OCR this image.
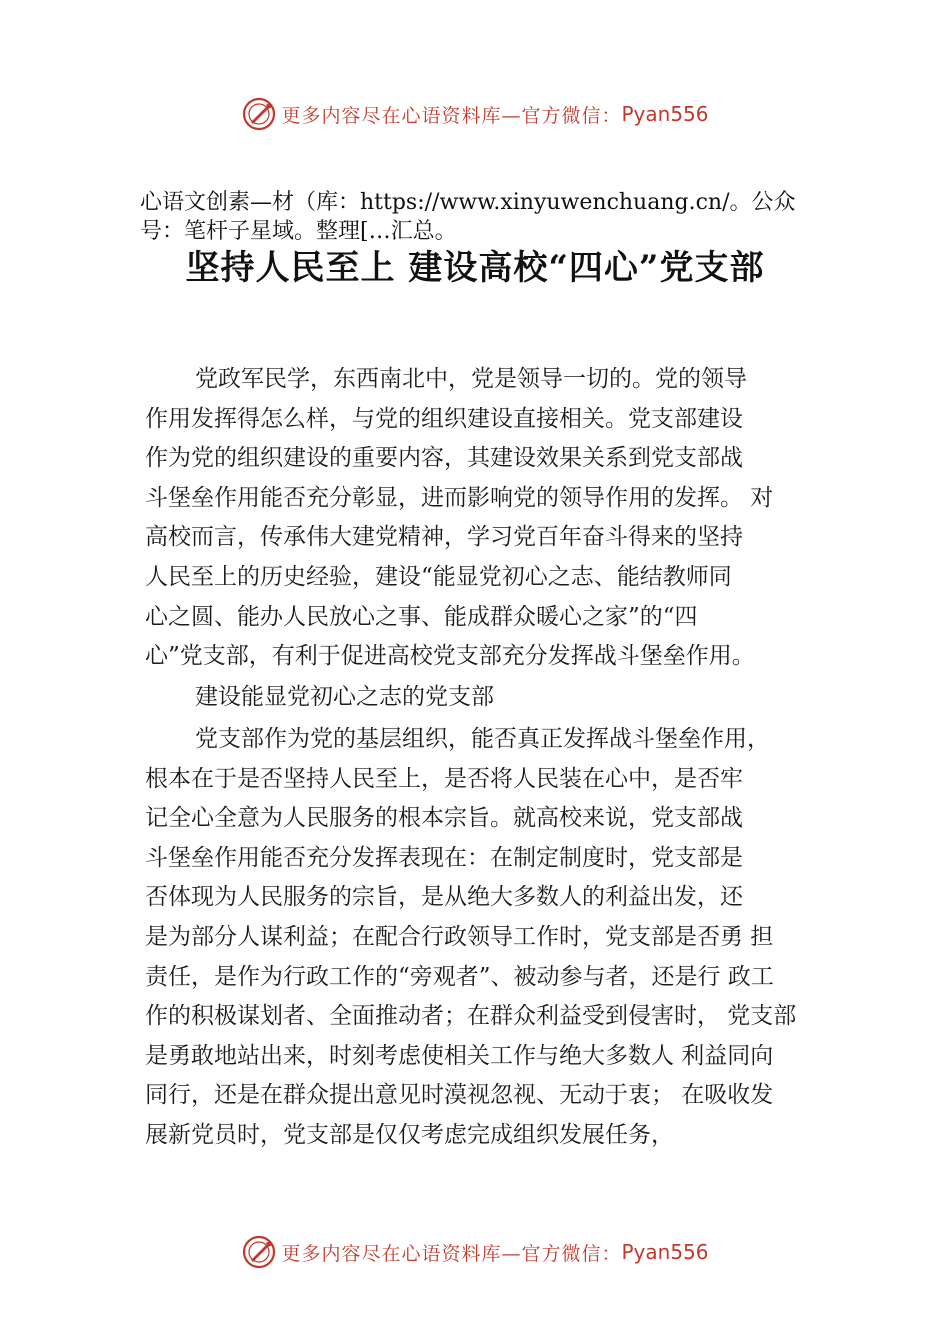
更多内容尽在心语资料库—官方微信： Pyan556
心语文创素—材（库：https://www.xinyuwenchuang.cn/。公众号：笔杆子星域。整理[…汇总。
坚持人民至上 建设高校“四心”党支部
党政军民学，东西南北中，党是领导一切的。党的领导
作用发挥得怎么样，与党的组织建设直接相关。党支部建设
作为党的组织建设的重要内容，其建设效果关系到党支部战
斗堡垒作用能否充分彰显，进而影响党的领导作用的发挥。 对
高校而言，传承伟大建党精神，学习党百年奋斗得来的坚持
人民至上的历史经验，建设“能显党初心之志、能结教师同
心之圆、能办人民放心之事、能成群众暖心之家”的“四
心”党支部，有利于促进高校党支部充分发挥战斗堡垒作用。
建设能显党初心之志的党支部
党支部作为党的基层组织，能否真正发挥战斗堡垒作用，
根本在于是否坚持人民至上，是否将人民装在心中，是否牢
记全心全意为人民服务的根本宗旨。就高校来说，党支部战
斗堡垒作用能否充分发挥表现在：在制定制度时，党支部是
否体现为人民服务的宗旨，是从绝大多数人的利益出发，还
是为部分人谋利益；在配合行政领导工作时，党支部是否勇 担
责任，是作为行政工作的“旁观者”、被动参与者，还是行 政工
作的积极谋划者、全面推动者；在群众利益受到侵害时， 党支部
是勇敢地站出来，时刻考虑使相关工作与绝大多数人 利益同向
同行，还是在群众提出意见时漠视忽视、无动于衷； 在吸收发
展新党员时，党支部是仅仅考虑完成组织发展任务，
更多内容尽在心语资料库—官方微信： Pyan556
